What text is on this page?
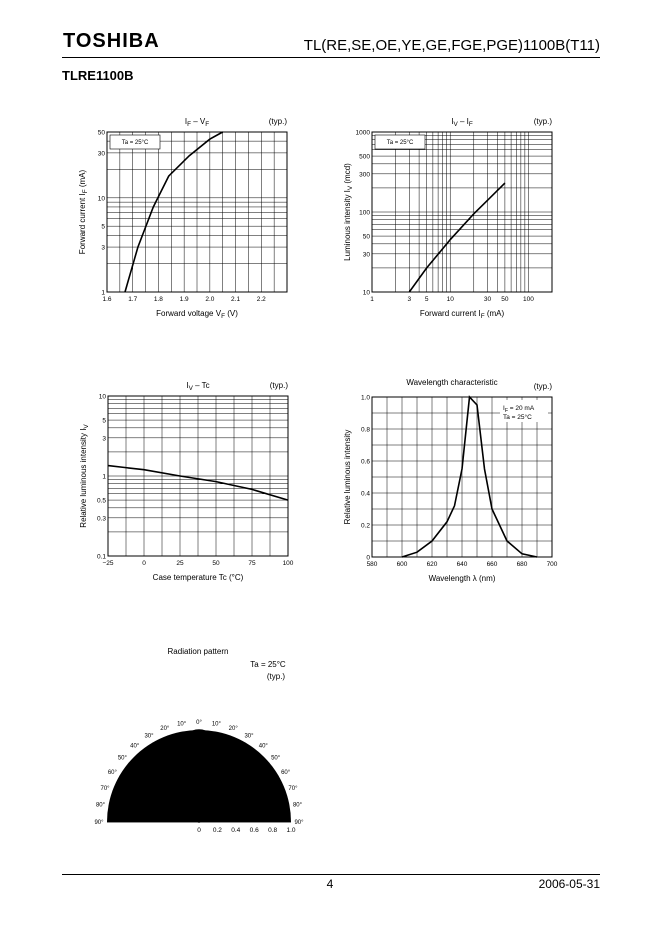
TOSHIBA	TL(RE,SE,OE,YE,GE,FGE,PGE)1100B(T11)
TLRE1100B
1.6	1.7	1.8	1.9	2.0	2.1	2.2
1
3
5
10
30
50
$I_F - V_F$	(typ.)
Forward voltage $V_F$ (V)
Forward current $I_F$ (mA)
Ta = 25°C
1	3 5	10	30 50 100
10
30
50
100
300
500
1000
$I_V - I_F$	(typ.)
Forward current $I_F$ (mA)
Luminous intensity $I_V$ (mcd)
Ta = 25°C
−25	0	25	50	75	100
0.1
0.3
0.5
1
3
5
10
$I_V$ – Tc	(typ.)
Case temperature Tc (°C)
Relative luminous intensity $I_V$
580	600	620	640	660	680	700
0
0.2
0.4
0.6
0.8
1.0
Wavelength characteristic	(typ.)
Wavelength λ (nm)
Relative luminous intensity
$I_F = 20$ mA
Ta = 25°C
Radiation pattern
Ta = 25°C
(typ.)
0°
10°	10°
20°	20°
30°	30°
40°	40°
50°	50°
60°	60°
70°	70°
80°	80°
90°	90°
0 0.2 0.4 0.6 0.8 1.0
4	2006-05-31
